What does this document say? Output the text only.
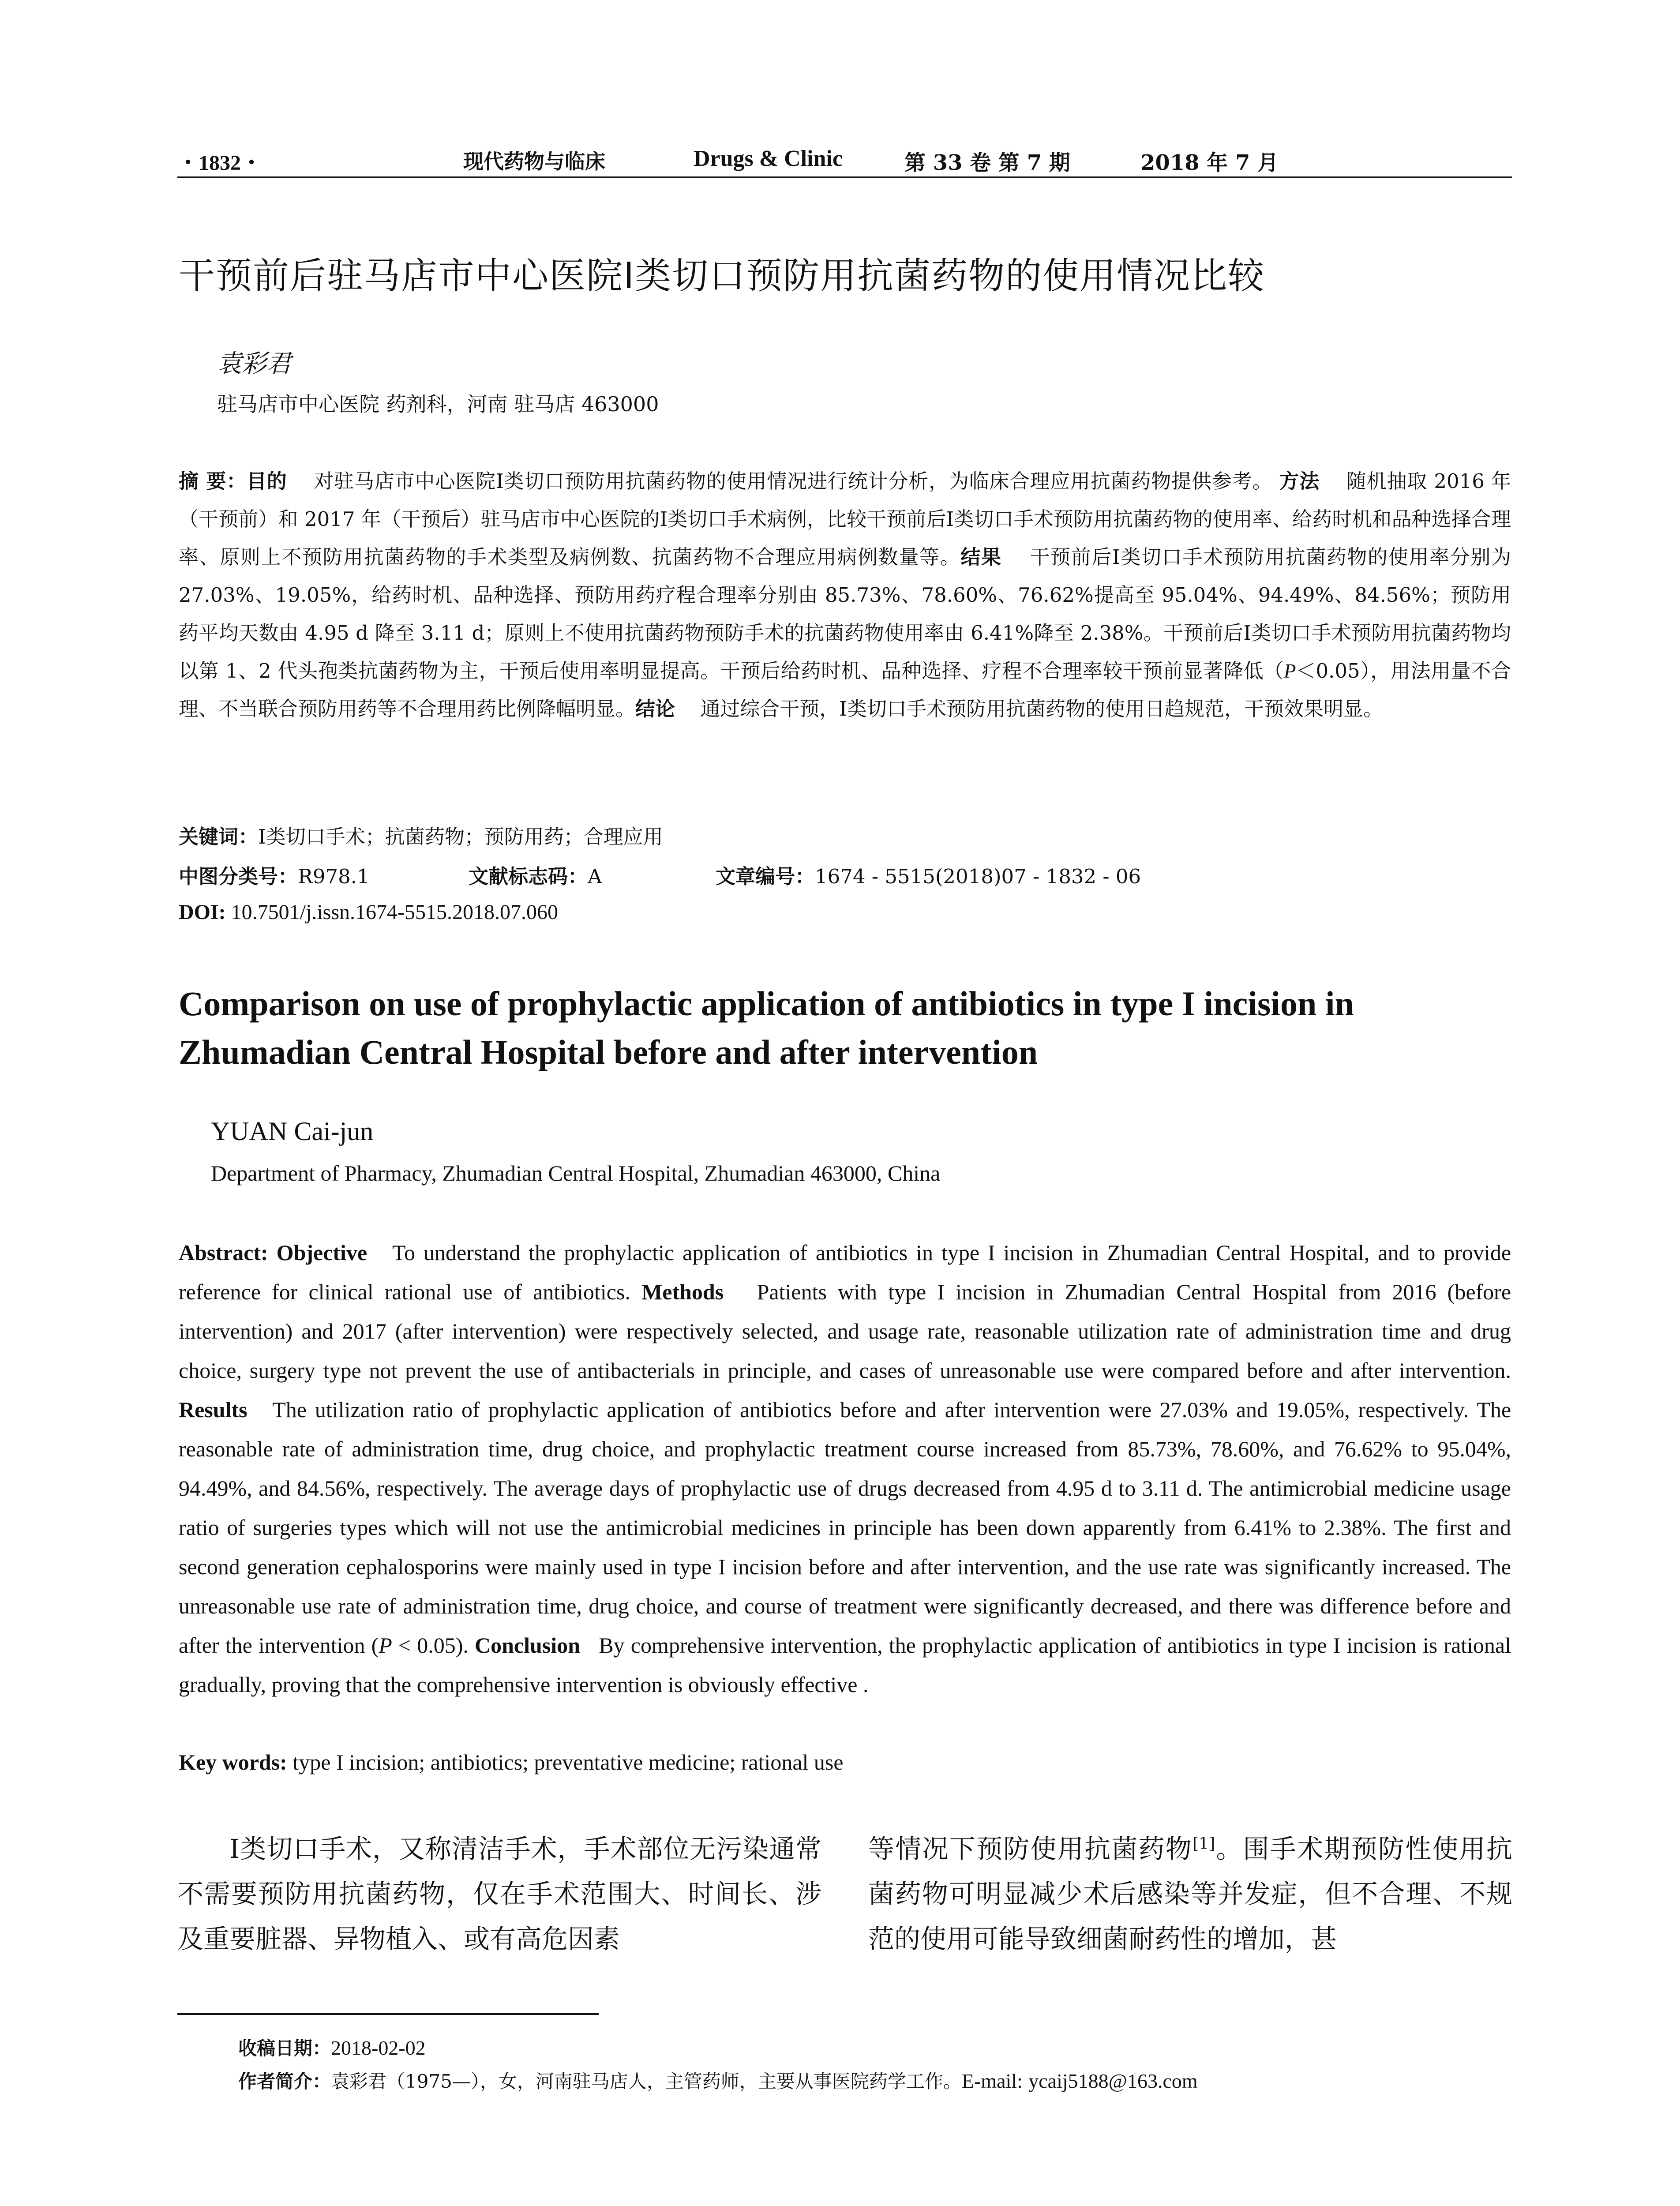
・1832・	现代药物与临床	Drugs & Clinic	第 33 卷 第 7 期	2018 年 7 月
干预前后驻马店市中心医院Ⅰ类切口预防用抗菌药物的使用情况比较
袁彩君
驻马店市中心医院 药剂科，河南 驻马店 463000
摘 要：目的 对驻马店市中心医院Ⅰ类切口预防用抗菌药物的使用情况进行统计分析，为临床合理应用抗菌药物提供参考。 方法 随机抽取 2016 年（干预前）和 2017 年（干预后）驻马店市中心医院的Ⅰ类切口手术病例，比较干预前后Ⅰ类切口手术预防用抗菌药物的使用率、给药时机和品种选择合理率、原则上不预防用抗菌药物的手术类型及病例数、抗菌药物不合理应用病例数量等。结果 干预前后Ⅰ类切口手术预防用抗菌药物的使用率分别为 27.03%、19.05%，给药时机、品种选择、预防用药疗程合理率分别由 85.73%、78.60%、76.62%提高至 95.04%、94.49%、84.56%；预防用药平均天数由 4.95 d 降至 3.11 d；原则上不使用抗菌药物预防手术的抗菌药物使用率由 6.41%降至 2.38%。干预前后Ⅰ类切口手术预防用抗菌药物均以第 1、2 代头孢类抗菌药物为主，干预后使用率明显提高。干预后给药时机、品种选择、疗程不合理率较干预前显著降低（P＜0.05），用法用量不合理、不当联合预防用药等不合理用药比例降幅明显。结论 通过综合干预，Ⅰ类切口手术预防用抗菌药物的使用日趋规范，干预效果明显。
关键词：Ⅰ类切口手术；抗菌药物；预防用药；合理应用
中图分类号：R978.1	文献标志码：A	文章编号：1674 - 5515(2018)07 - 1832 - 06
DOI: 10.7501/j.issn.1674-5515.2018.07.060
Comparison on use of prophylactic application of antibiotics in type I incision in
Zhumadian Central Hospital before and after intervention
YUAN Cai-jun
Department of Pharmacy, Zhumadian Central Hospital, Zhumadian 463000, China
Abstract: Objective To understand the prophylactic application of antibiotics in type I incision in Zhumadian Central Hospital, and to provide reference for clinical rational use of antibiotics. Methods Patients with type I incision in Zhumadian Central Hospital from 2016 (before intervention) and 2017 (after intervention) were respectively selected, and usage rate, reasonable utilization rate of administration time and drug choice, surgery type not prevent the use of antibacterials in principle, and cases of unreasonable use were compared before and after intervention. Results The utilization ratio of prophylactic application of antibiotics before and after intervention were 27.03% and 19.05%, respectively. The reasonable rate of administration time, drug choice, and prophylactic treatment course increased from 85.73%, 78.60%, and 76.62% to 95.04%, 94.49%, and 84.56%, respectively. The average days of prophylactic use of drugs decreased from 4.95 d to 3.11 d. The antimicrobial medicine usage ratio of surgeries types which will not use the antimicrobial medicines in principle has been down apparently from 6.41% to 2.38%. The first and second generation cephalosporins were mainly used in type I incision before and after intervention, and the use rate was significantly increased. The unreasonable use rate of administration time, drug choice, and course of treatment were significantly decreased, and there was difference before and after the intervention (P < 0.05). Conclusion By comprehensive intervention, the prophylactic application of antibiotics in type I incision is rational gradually, proving that the comprehensive intervention is obviously effective .
Key words: type I incision; antibiotics; preventative medicine; rational use
Ⅰ类切口手术，又称清洁手术，手术部位无污染通常不需要预防用抗菌药物，仅在手术范围大、时间长、涉及重要脏器、异物植入、或有高危因素
等情况下预防使用抗菌药物[1]。围手术期预防性使用抗菌药物可明显减少术后感染等并发症，但不合理、不规范的使用可能导致细菌耐药性的增加，甚
收稿日期：2018-02-02
作者简介：袁彩君（1975—），女，河南驻马店人，主管药师，主要从事医院药学工作。E-mail: ycaij5188@163.com
